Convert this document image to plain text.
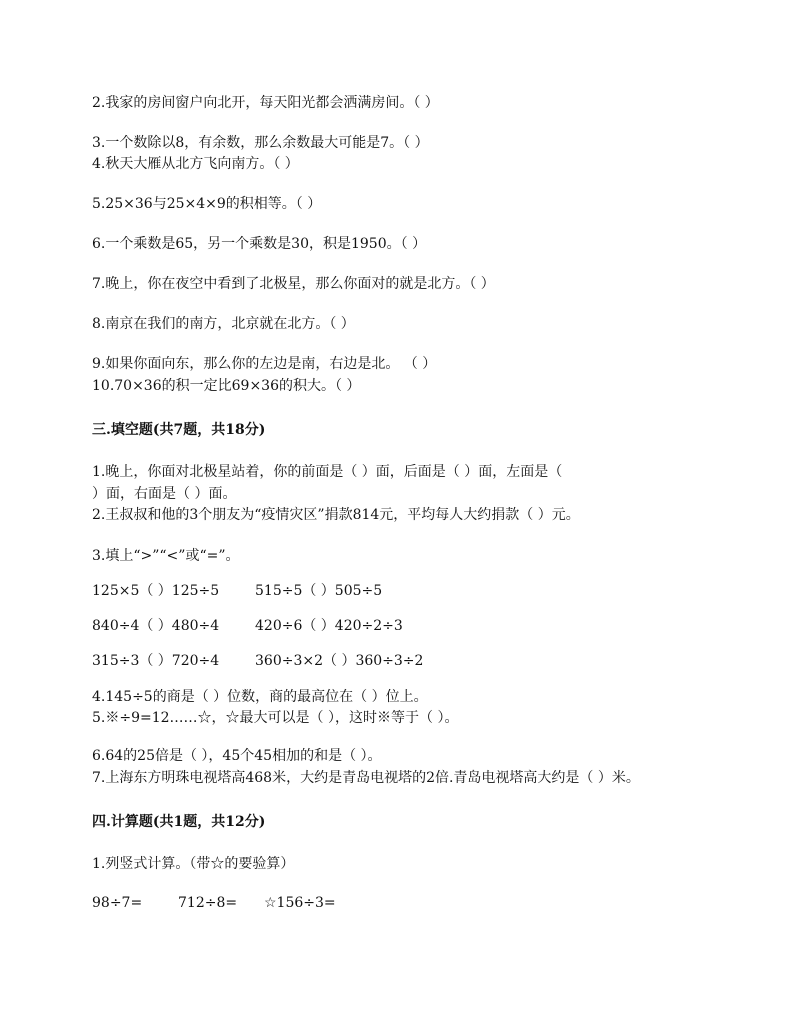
2.我家的房间窗户向北开，每天阳光都会洒满房间。（ ）
3.一个数除以8，有余数，那么余数最大可能是7。（ ）
4.秋天大雁从北方飞向南方。（ ）
5.25×36与25×4×9的积相等。（ ）
6.一个乘数是65，另一个乘数是30，积是1950。（ ）
7.晚上，你在夜空中看到了北极星，那么你面对的就是北方。（ ）
8.南京在我们的南方，北京就在北方。（ ）
9.如果你面向东，那么你的左边是南，右边是北。 （ ）
10.70×36的积一定比69×36的积大。（ ）
三.填空题(共7题，共18分)
1.晚上，你面对北极星站着，你的前面是（ ）面，后面是（ ）面，左面是（
）面，右面是（ ）面。
2.王叔叔和他的3个朋友为“疫情灾区”捐款814元，平均每人大约捐款（ ）元。
3.填上“>”“<”或“=”。
125×5（ ）125÷5	515÷5（ ）505÷5
840÷4（ ）480÷4	420÷6（ ）420÷2÷3
315÷3（ ）720÷4	360÷3×2（ ）360÷3÷2
4.145÷5的商是（ ）位数，商的最高位在（ ）位上。
5.※÷9=12……☆，☆最大可以是（ ），这时※等于（ ）。
6.64的25倍是（ ），45个45相加的和是（ ）。
7.上海东方明珠电视塔高468米，大约是青岛电视塔的2倍.青岛电视塔高大约是（ ）米。
四.计算题(共1题，共12分)
1.列竖式计算。（带☆的要验算）
98÷7=	712÷8= ☆156÷3=
